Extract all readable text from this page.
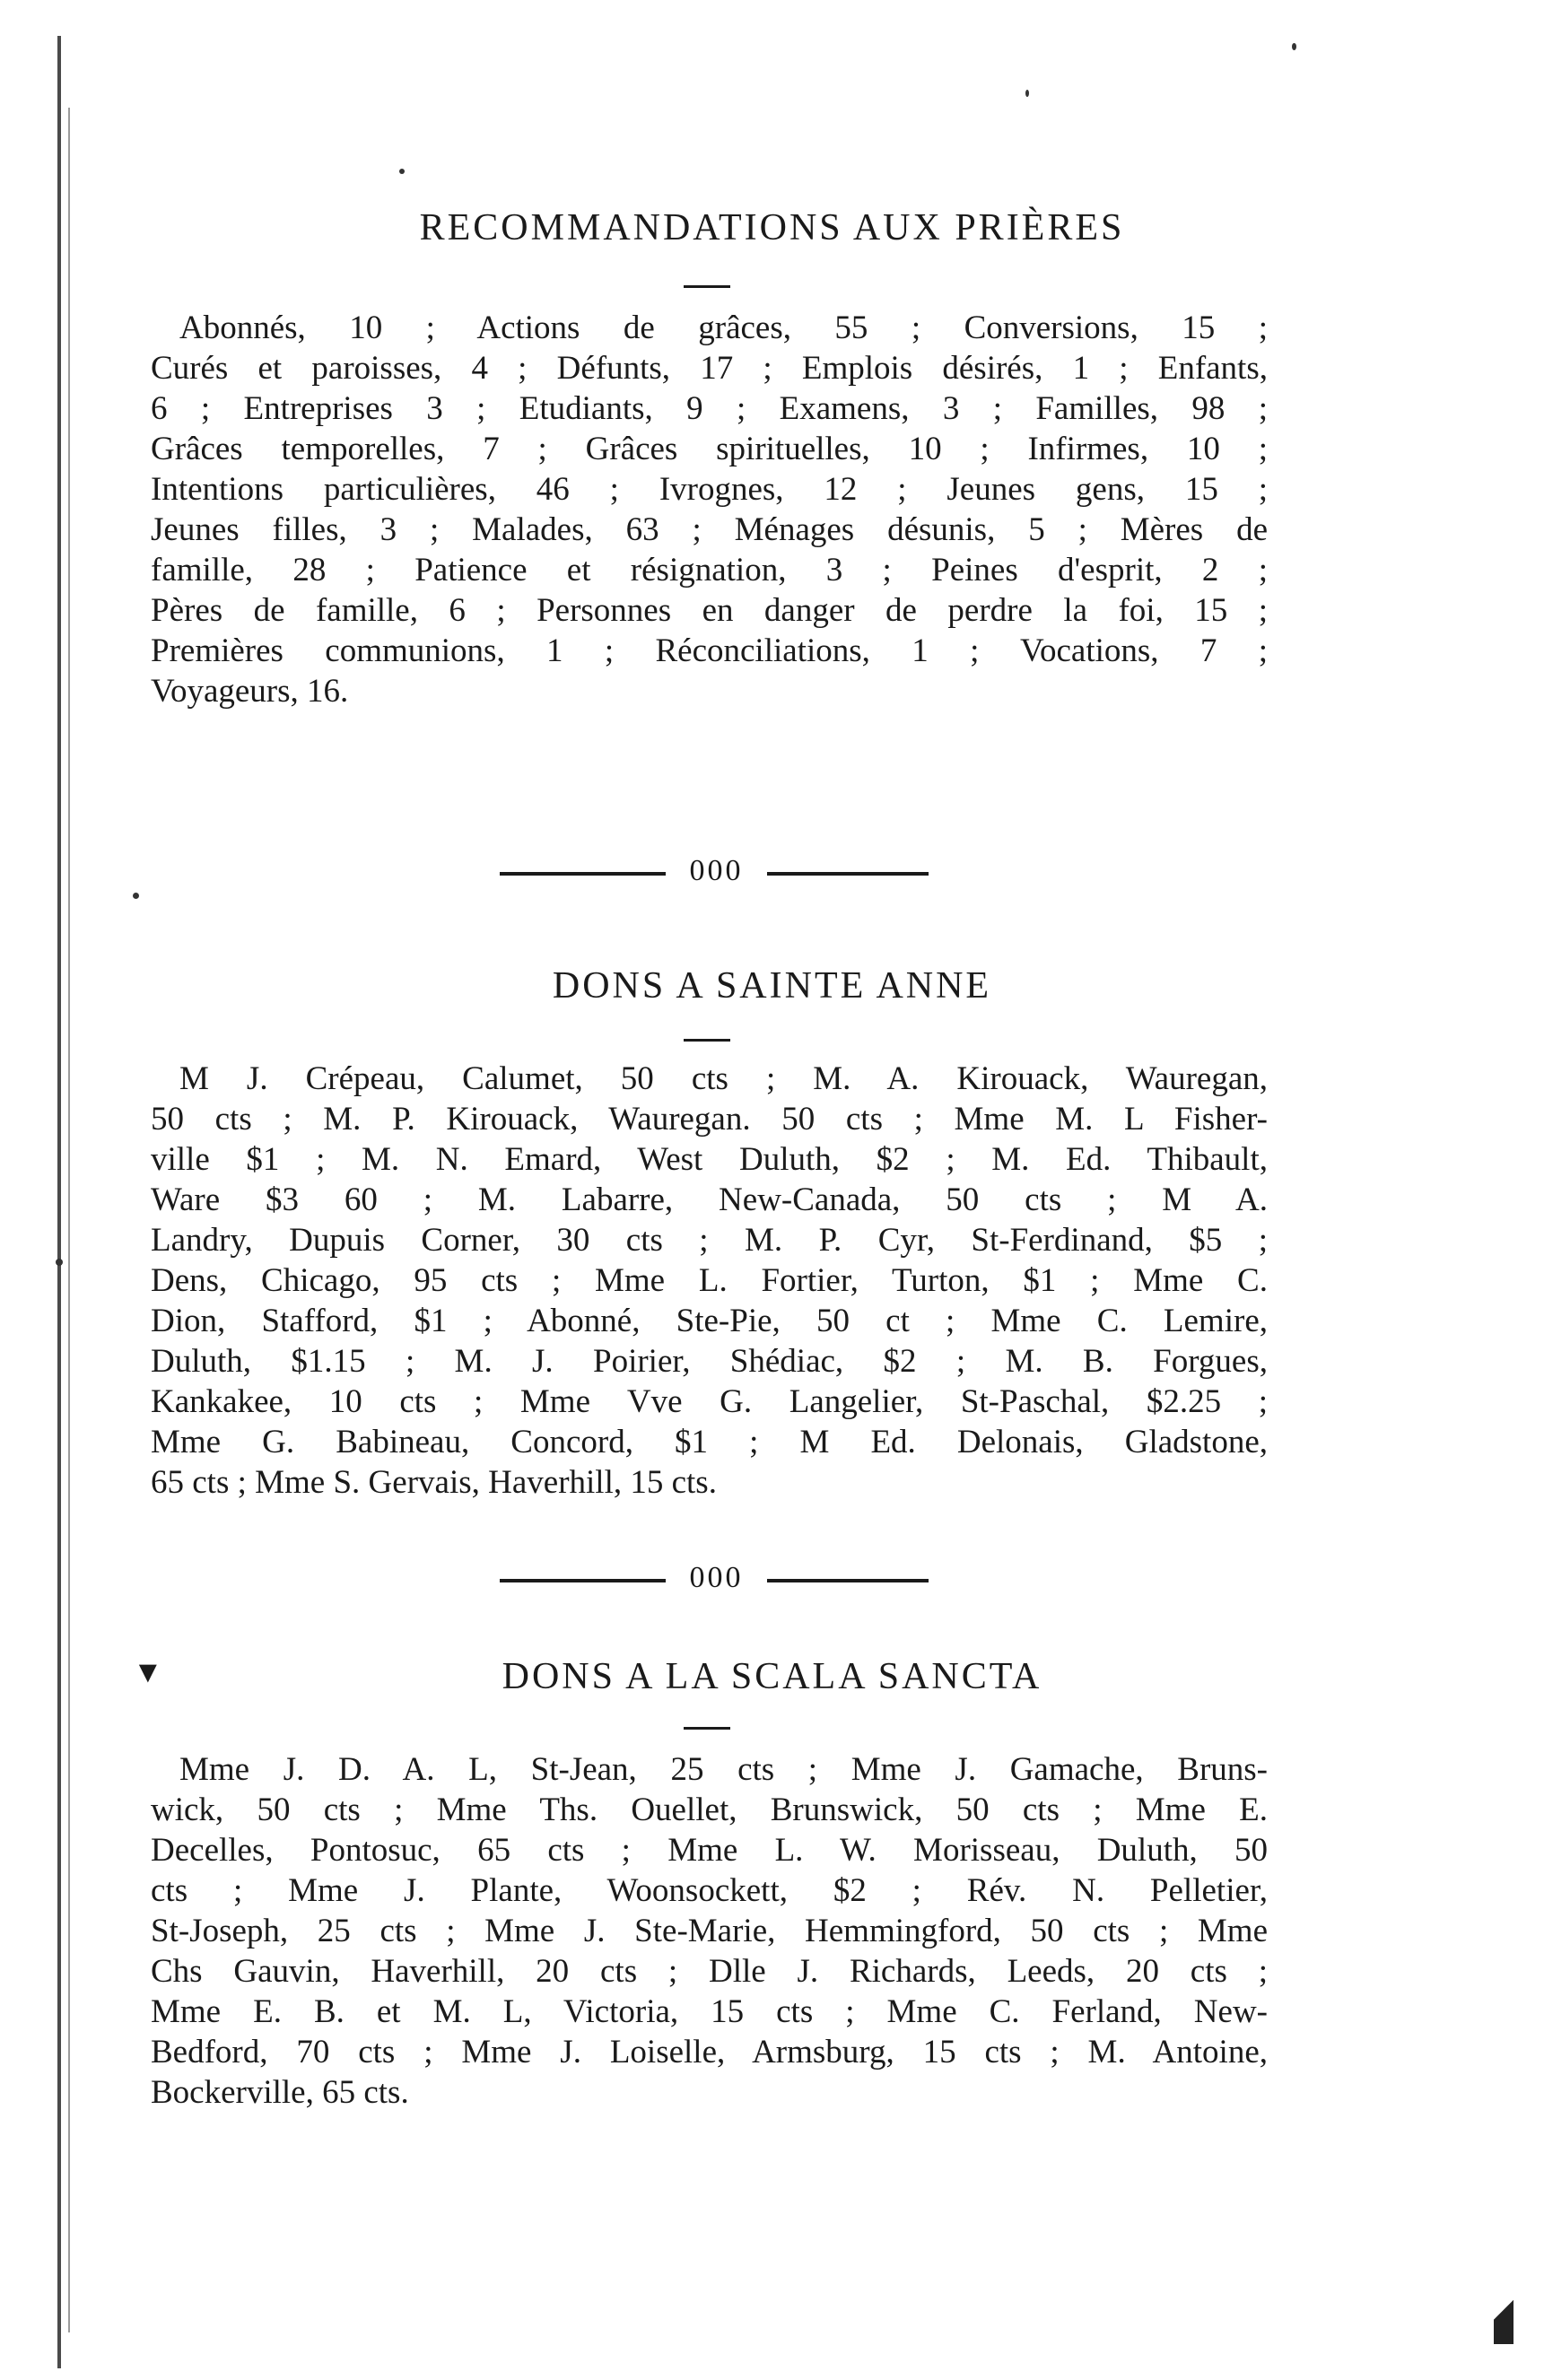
RECOMMANDATIONS AUX PRIÈRES
Abonnés, 10 ; Actions de grâces, 55 ; Conversions, 15 ;
Curés et paroisses, 4 ; Défunts, 17 ; Emplois désirés, 1 ; Enfants,
6 ; Entreprises 3 ; Etudiants, 9 ; Examens, 3 ; Familles, 98 ;
Grâces temporelles, 7 ; Grâces spirituelles, 10 ; Infirmes, 10 ;
Intentions particulières, 46 ; Ivrognes, 12 ; Jeunes gens, 15 ;
Jeunes filles, 3 ; Malades, 63 ; Ménages désunis, 5 ; Mères de
famille, 28 ; Patience et résignation, 3 ; Peines d'esprit, 2 ;
Pères de famille, 6 ; Personnes en danger de perdre la foi, 15 ;
Premières communions, 1 ; Réconciliations, 1 ; Vocations, 7 ;
Voyageurs, 16.
000
DONS A SAINTE ANNE
M J. Crépeau, Calumet, 50 cts ; M. A. Kirouack, Wauregan,
50 cts ; M. P. Kirouack, Wauregan. 50 cts ; Mme M. L Fisher-
ville $1 ; M. N. Emard, West Duluth, $2 ; M. Ed. Thibault,
Ware $3 60 ; M. Labarre, New-Canada, 50 cts ; M A.
Landry, Dupuis Corner, 30 cts ; M. P. Cyr, St-Ferdinand, $5 ;
Dens, Chicago, 95 cts ; Mme L. Fortier, Turton, $1 ; Mme C.
Dion, Stafford, $1 ; Abonné, Ste-Pie, 50 ct ; Mme C. Lemire,
Duluth, $1.15 ; M. J. Poirier, Shédiac, $2 ; M. B. Forgues,
Kankakee, 10 cts ; Mme Vve G. Langelier, St-Paschal, $2.25 ;
Mme G. Babineau, Concord, $1 ; M Ed. Delonais, Gladstone,
65 cts ; Mme S. Gervais, Haverhill, 15 cts.
000
▼	DONS A LA SCALA SANCTA
Mme J. D. A. L, St-Jean, 25 cts ; Mme J. Gamache, Bruns-
wick, 50 cts ; Mme Ths. Ouellet, Brunswick, 50 cts ; Mme E.
Decelles, Pontosuc, 65 cts ; Mme L. W. Morisseau, Duluth, 50
cts ; Mme J. Plante, Woonsockett, $2 ; Rév. N. Pelletier,
St-Joseph, 25 cts ; Mme J. Ste-Marie, Hemmingford, 50 cts ; Mme
Chs Gauvin, Haverhill, 20 cts ; Dlle J. Richards, Leeds, 20 cts ;
Mme E. B. et M. L, Victoria, 15 cts ; Mme C. Ferland, New-
Bedford, 70 cts ; Mme J. Loiselle, Armsburg, 15 cts ; M. Antoine,
Bockerville, 65 cts.
